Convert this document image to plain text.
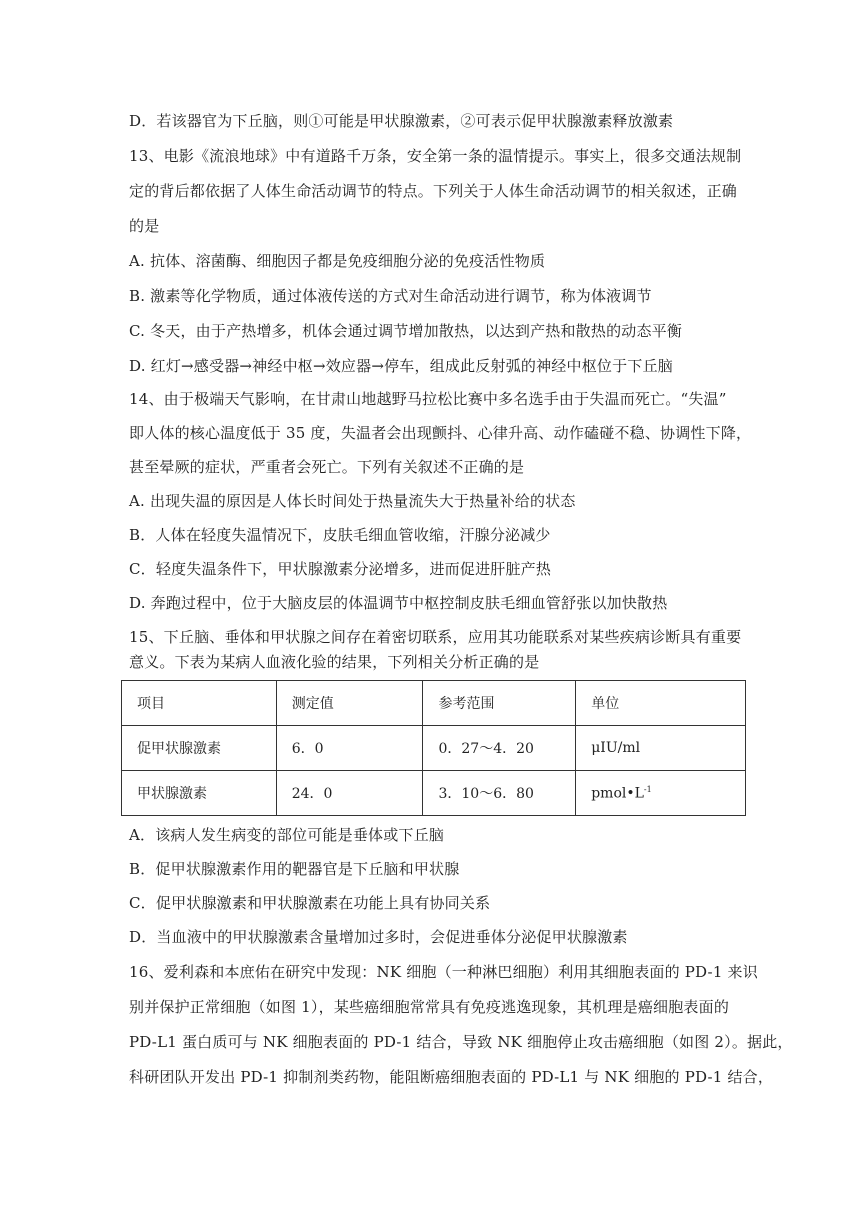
D．若该器官为下丘脑，则①可能是甲状腺激素，②可表示促甲状腺激素释放激素
13、电影《流浪地球》中有道路千万条，安全第一条的温情提示。事实上，很多交通法规制
定的背后都依据了人体生命活动调节的特点。下列关于人体生命活动调节的相关叙述，正确
的是
A. 抗体、溶菌酶、细胞因子都是免疫细胞分泌的免疫活性物质
B. 激素等化学物质，通过体液传送的方式对生命活动进行调节，称为体液调节
C. 冬天，由于产热增多，机体会通过调节增加散热，以达到产热和散热的动态平衡
D. 红灯→感受器→神经中枢→效应器→停车，组成此反射弧的神经中枢位于下丘脑
14、由于极端天气影响，在甘肃山地越野马拉松比赛中多名选手由于失温而死亡。“失温”
即人体的核心温度低于 35 度，失温者会出现颤抖、心律升高、动作磕碰不稳、协调性下降，
甚至晕厥的症状，严重者会死亡。下列有关叙述不正确的是
A. 出现失温的原因是人体长时间处于热量流失大于热量补给的状态
B．人体在轻度失温情况下，皮肤毛细血管收缩，汗腺分泌减少
C．轻度失温条件下，甲状腺激素分泌增多，进而促进肝脏产热
D. 奔跑过程中，位于大脑皮层的体温调节中枢控制皮肤毛细血管舒张以加快散热
15、下丘脑、垂体和甲状腺之间存在着密切联系，应用其功能联系对某些疾病诊断具有重要
意义。下表为某病人血液化验的结果，下列相关分析正确的是
项目	测定值	参考范围	单位
促甲状腺激素	6．0	0．27～4．20	μIU/ml
甲状腺激素	24．0	3．10～6．80	$pmol•L^{-1}$
A．该病人发生病变的部位可能是垂体或下丘脑
B．促甲状腺激素作用的靶器官是下丘脑和甲状腺
C．促甲状腺激素和甲状腺激素在功能上具有协同关系
D．当血液中的甲状腺激素含量增加过多时，会促进垂体分泌促甲状腺激素
16、爱利森和本庶佑在研究中发现：NK 细胞（一种淋巴细胞）利用其细胞表面的 PD-1 来识
别并保护正常细胞（如图 1），某些癌细胞常常具有免疫逃逸现象，其机理是癌细胞表面的
PD-L1 蛋白质可与 NK 细胞表面的 PD-1 结合，导致 NK 细胞停止攻击癌细胞（如图 2）。据此，
科研团队开发出 PD-1 抑制剂类药物，能阻断癌细胞表面的 PD-L1 与 NK 细胞的 PD-1 结合，
